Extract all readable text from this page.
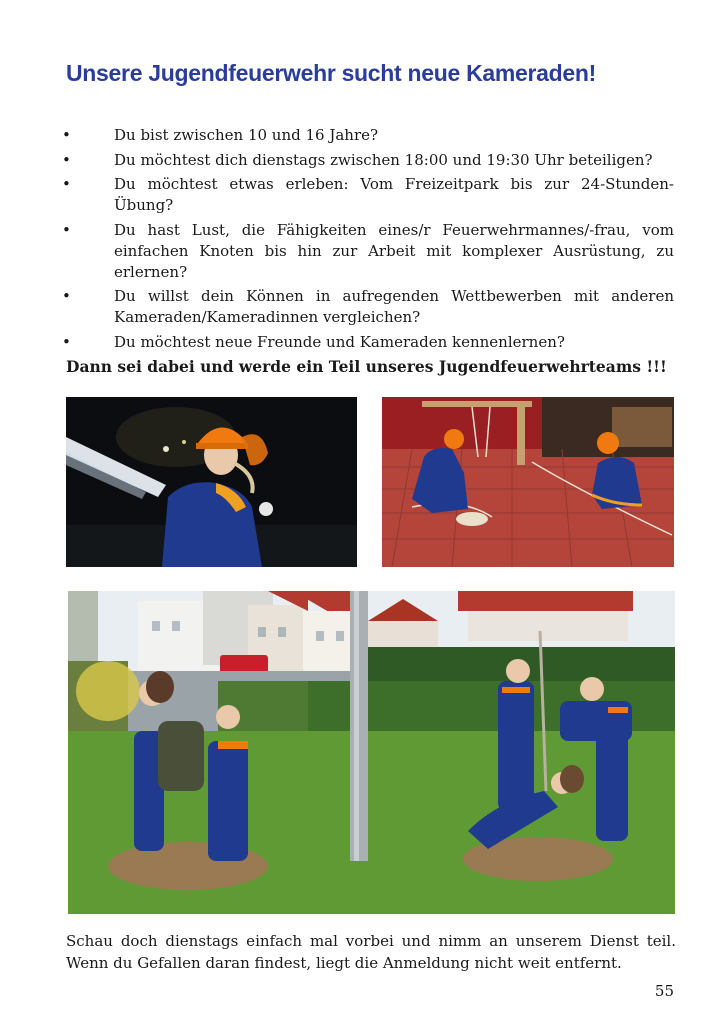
Unsere Jugendfeuerwehr sucht neue Kameraden!
•	Du bist zwischen 10 und 16 Jahre?
•	Du möchtest dich dienstags zwischen 18:00 und 19:30 Uhr beteiligen?
•	Du möchtest etwas erleben: Vom Freizeitpark bis zur 24-Stunden-Übung?
•	Du hast Lust, die Fähigkeiten eines/r Feuerwehrmannes/-frau, vom einfachen Knoten bis hin zur Arbeit mit komplexer Ausrüstung, zu erlernen?
•	Du willst dein Können in aufregenden Wettbewerben mit anderen Kameraden/Kameradinnen vergleichen?
•	Du möchtest neue Freunde und Kameraden kennenlernen?
Dann sei dabei und werde ein Teil unseres Jugendfeuerwehrteams !!!
Schau doch dienstags einfach mal vorbei und nimm an unserem Dienst teil. Wenn du Gefallen daran findest, liegt die Anmeldung nicht weit entfernt.
55
